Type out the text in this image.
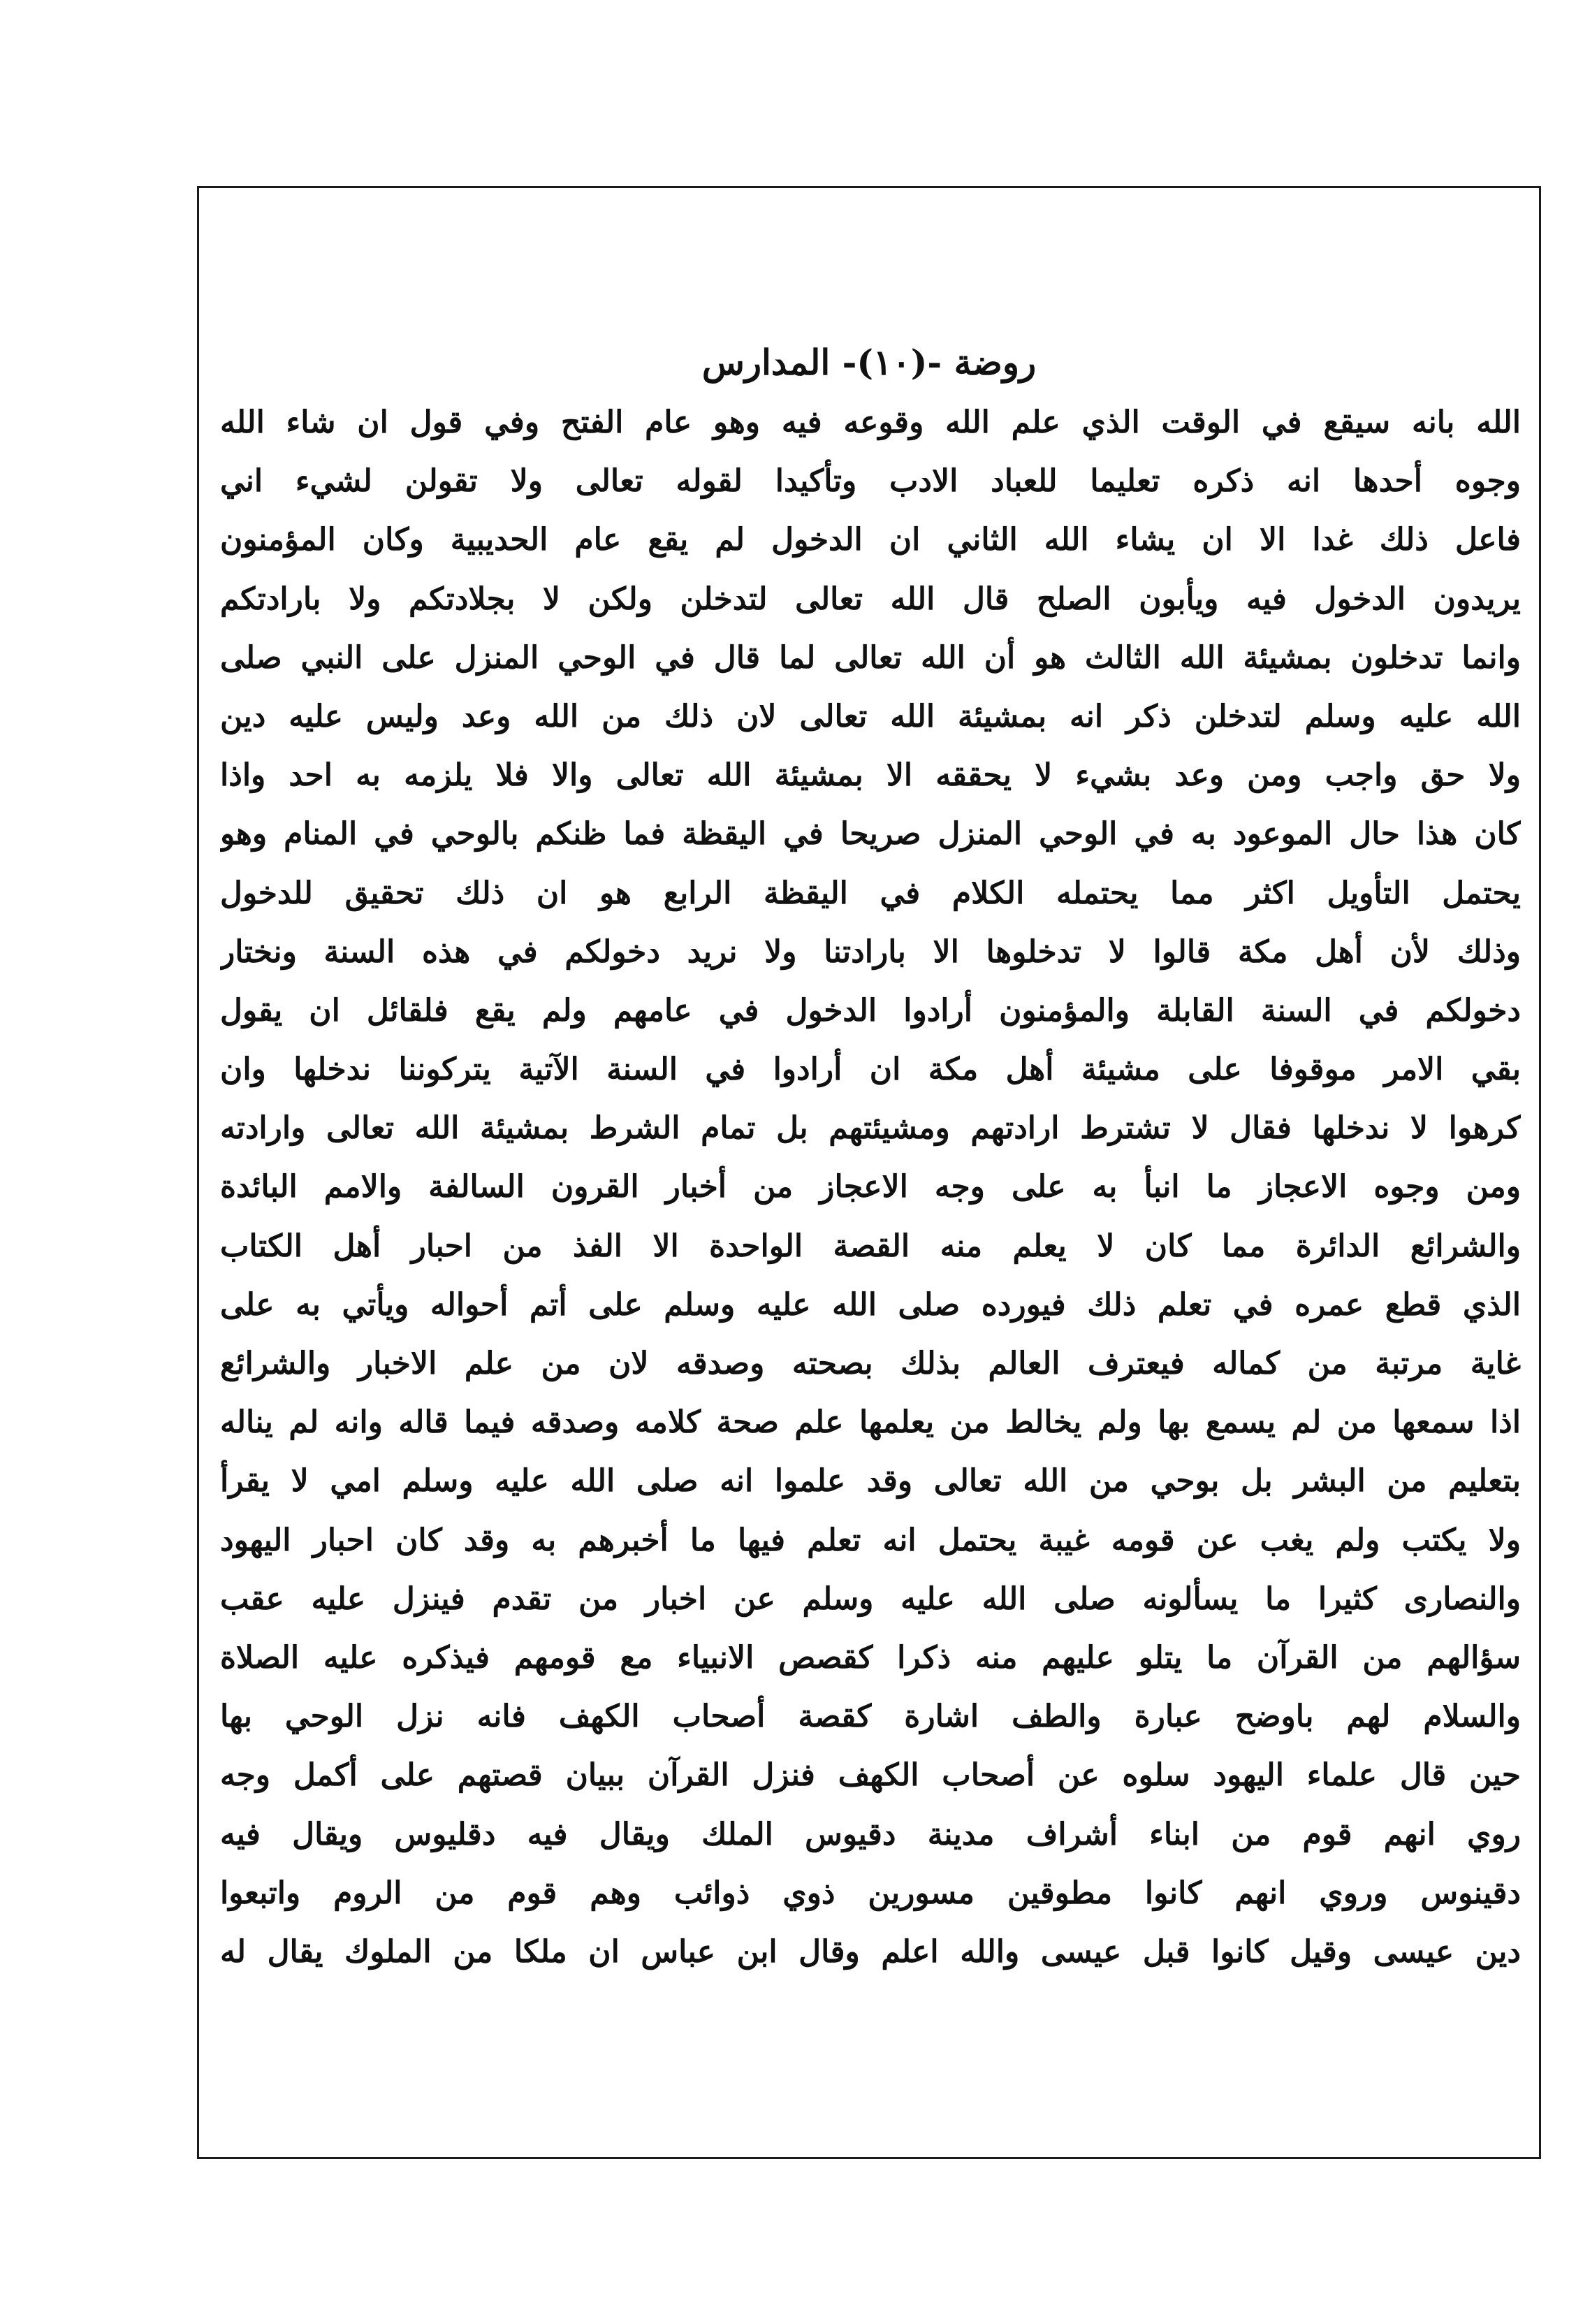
روضة -(١٠)- المدارس
الله بانه سيقع في الوقت الذي علم الله وقوعه فيه وهو عام الفتح وفي قول ان شاء الله
وجوه أحدها انه ذكره تعليما للعباد الادب وتأكيدا لقوله تعالى ولا تقولن لشيء اني
فاعل ذلك غدا الا ان يشاء الله الثاني ان الدخول لم يقع عام الحديبية وكان المؤمنون
يريدون الدخول فيه ويأبون الصلح قال الله تعالى لتدخلن ولكن لا بجلادتكم ولا بارادتكم
وانما تدخلون بمشيئة الله الثالث هو أن الله تعالى لما قال في الوحي المنزل على النبي صلى
الله عليه وسلم لتدخلن ذكر انه بمشيئة الله تعالى لان ذلك من الله وعد وليس عليه دين
ولا حق واجب ومن وعد بشيء لا يحققه الا بمشيئة الله تعالى والا فلا يلزمه به احد واذا
كان هذا حال الموعود به في الوحي المنزل صريحا في اليقظة فما ظنكم بالوحي في المنام وهو
يحتمل التأويل اكثر مما يحتمله الكلام في اليقظة الرابع هو ان ذلك تحقيق للدخول
وذلك لأن أهل مكة قالوا لا تدخلوها الا بارادتنا ولا نريد دخولكم في هذه السنة ونختار
دخولكم في السنة القابلة والمؤمنون أرادوا الدخول في عامهم ولم يقع فلقائل ان يقول
بقي الامر موقوفا على مشيئة أهل مكة ان أرادوا في السنة الآتية يتركوننا ندخلها وان
كرهوا لا ندخلها فقال لا تشترط ارادتهم ومشيئتهم بل تمام الشرط بمشيئة الله تعالى وارادته
ومن وجوه الاعجاز ما انبأ به على وجه الاعجاز من أخبار القرون السالفة والامم البائدة
والشرائع الدائرة مما كان لا يعلم منه القصة الواحدة الا الفذ من احبار أهل الكتاب
الذي قطع عمره في تعلم ذلك فيورده صلى الله عليه وسلم على أتم أحواله ويأتي به على
غاية مرتبة من كماله فيعترف العالم بذلك بصحته وصدقه لان من علم الاخبار والشرائع
اذا سمعها من لم يسمع بها ولم يخالط من يعلمها علم صحة كلامه وصدقه فيما قاله وانه لم يناله
بتعليم من البشر بل بوحي من الله تعالى وقد علموا انه صلى الله عليه وسلم امي لا يقرأ
ولا يكتب ولم يغب عن قومه غيبة يحتمل انه تعلم فيها ما أخبرهم به وقد كان احبار اليهود
والنصارى كثيرا ما يسألونه صلى الله عليه وسلم عن اخبار من تقدم فينزل عليه عقب
سؤالهم من القرآن ما يتلو عليهم منه ذكرا كقصص الانبياء مع قومهم فيذكره عليه الصلاة
والسلام لهم باوضح عبارة والطف اشارة كقصة أصحاب الكهف فانه نزل الوحي بها
حين قال علماء اليهود سلوه عن أصحاب الكهف فنزل القرآن ببيان قصتهم على أكمل وجه
روي انهم قوم من ابناء أشراف مدينة دقيوس الملك ويقال فيه دقليوس ويقال فيه
دقينوس وروي انهم كانوا مطوقين مسورين ذوي ذوائب وهم قوم من الروم واتبعوا
دين عيسى وقيل كانوا قبل عيسى والله اعلم وقال ابن عباس ان ملكا من الملوك يقال له
